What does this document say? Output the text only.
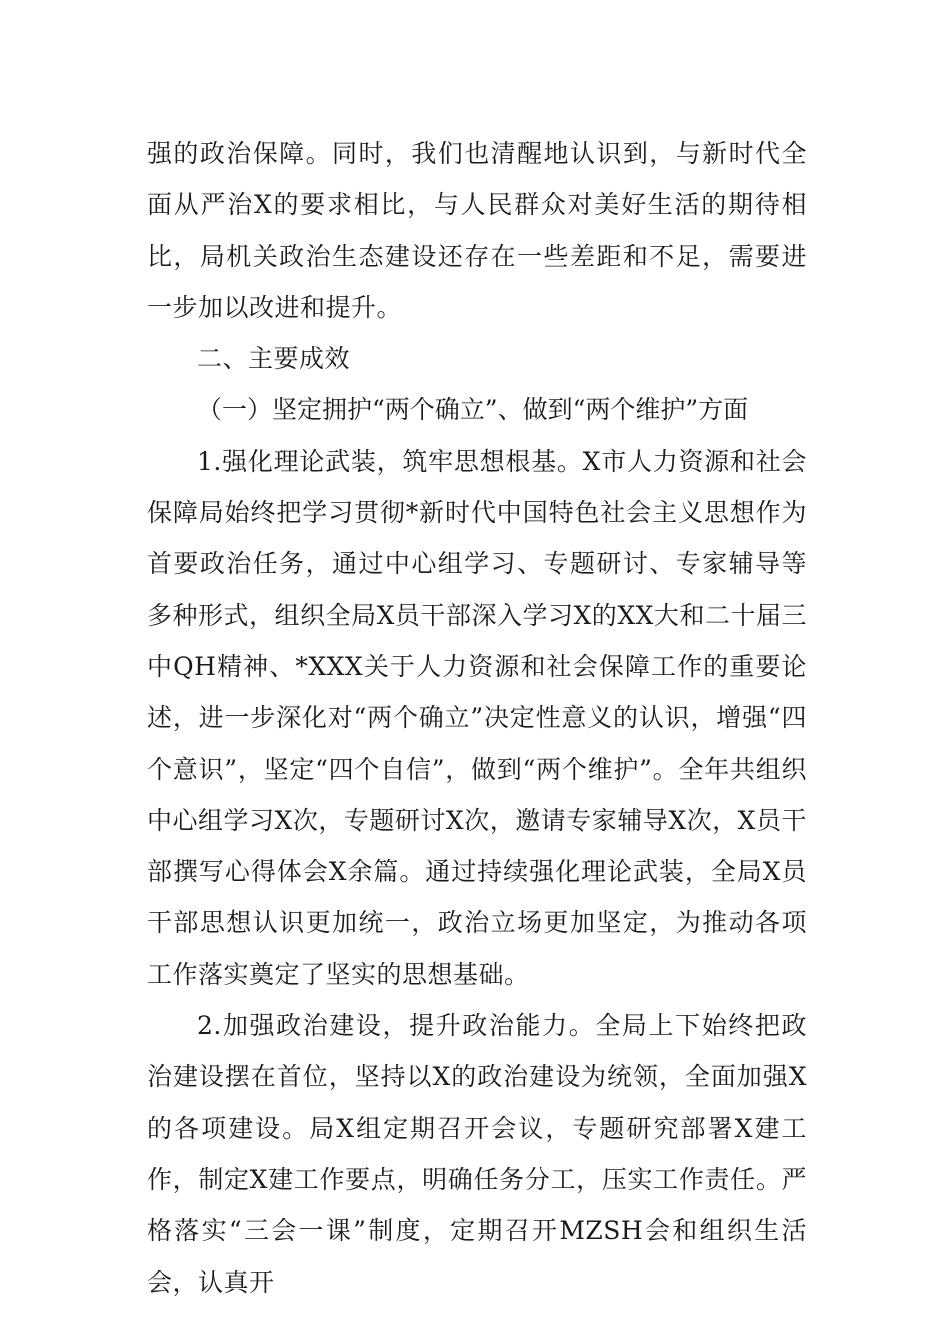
强的政治保障。同时，我们也清醒地认识到，与新时代全面从严治X的要求相比，与人民群众对美好生活的期待相比，局机关政治生态建设还存在一些差距和不足，需要进一步加以改进和提升。

二、主要成效

（一）坚定拥护“两个确立”、做到“两个维护”方面

1.强化理论武装，筑牢思想根基。X市人力资源和社会保障局始终把学习贯彻*新时代中国特色社会主义思想作为首要政治任务，通过中心组学习、专题研讨、专家辅导等多种形式，组织全局X员干部深入学习X的XX大和二十届三中QH精神、*XXX关于人力资源和社会保障工作的重要论述，进一步深化对“两个确立”决定性意义的认识，增强“四个意识”，坚定“四个自信”，做到“两个维护”。全年共组织中心组学习X次，专题研讨X次，邀请专家辅导X次，X员干部撰写心得体会X余篇。通过持续强化理论武装，全局X员干部思想认识更加统一，政治立场更加坚定，为推动各项工作落实奠定了坚实的思想基础。

2.加强政治建设，提升政治能力。全局上下始终把政治建设摆在首位，坚持以X的政治建设为统领，全面加强X的各项建设。局X组定期召开会议，专题研究部署X建工作，制定X建工作要点，明确任务分工，压实工作责任。严格落实“三会一课”制度，定期召开MZSH会和组织生活会，认真开
